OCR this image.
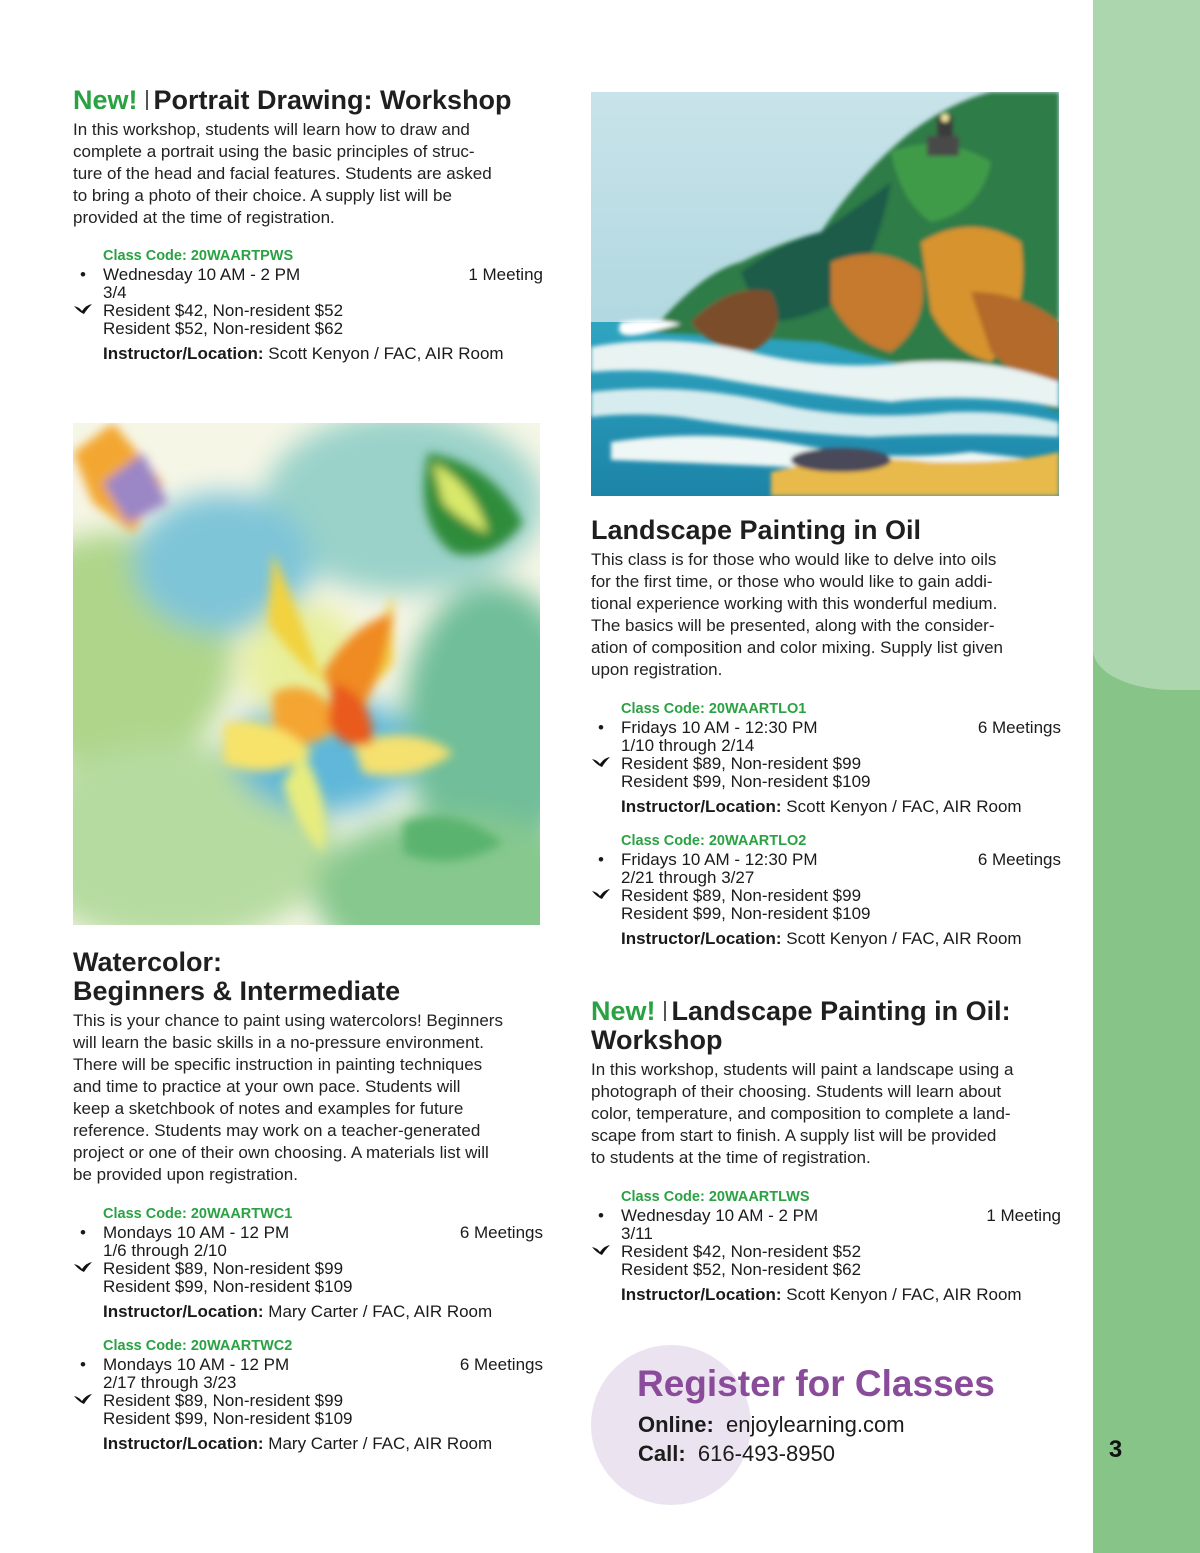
3
New! Portrait Drawing: Workshop

In this workshop, students will learn how to draw and
complete a portrait using the basic principles of struc-
ture of the head and facial features. Students are asked
to bring a photo of their choice. A supply list will be
provided at the time of registration.

Class Code: 20WAARTPWS
•	Wednesday 10 AM - 2 PM	1 Meeting
3/4
Resident $42, Non-resident $52
Resident $52, Non-resident $62
Instructor/Location: Scott Kenyon / FAC, AIR Room
Watercolor:
Beginners & Intermediate

This is your chance to paint using watercolors! Beginners
will learn the basic skills in a no-pressure environment.
There will be specific instruction in painting techniques
and time to practice at your own pace. Students will
keep a sketchbook of notes and examples for future
reference. Students may work on a teacher-generated
project or one of their own choosing. A materials list will
be provided upon registration.

Class Code: 20WAARTWC1
•	Mondays 10 AM - 12 PM	6 Meetings
1/6 through 2/10
Resident $89, Non-resident $99
Resident $99, Non-resident $109
Instructor/Location: Mary Carter / FAC, AIR Room
Class Code: 20WAARTWC2
•	Mondays 10 AM - 12 PM	6 Meetings
2/17 through 3/23
Resident $89, Non-resident $99
Resident $99, Non-resident $109
Instructor/Location: Mary Carter / FAC, AIR Room
Landscape Painting in Oil

This class is for those who would like to delve into oils
for the first time, or those who would like to gain addi-
tional experience working with this wonderful medium.
The basics will be presented, along with the consider-
ation of composition and color mixing. Supply list given
upon registration.

Class Code: 20WAARTLO1
•	Fridays 10 AM - 12:30 PM	6 Meetings
1/10 through 2/14
Resident $89, Non-resident $99
Resident $99, Non-resident $109
Instructor/Location: Scott Kenyon / FAC, AIR Room
Class Code: 20WAARTLO2
•	Fridays 10 AM - 12:30 PM	6 Meetings
2/21 through 3/27
Resident $89, Non-resident $99
Resident $99, Non-resident $109
Instructor/Location: Scott Kenyon / FAC, AIR Room
New! Landscape Painting in Oil:
Workshop

In this workshop, students will paint a landscape using a
photograph of their choosing. Students will learn about
color, temperature, and composition to complete a land-
scape from start to finish. A supply list will be provided
to students at the time of registration.

Class Code: 20WAARTLWS
•	Wednesday 10 AM - 2 PM	1 Meeting
3/11
Resident $42, Non-resident $52
Resident $52, Non-resident $62
Instructor/Location: Scott Kenyon / FAC, AIR Room
Register for Classes
Online: enjoylearning.com
Call: 616-493-8950
